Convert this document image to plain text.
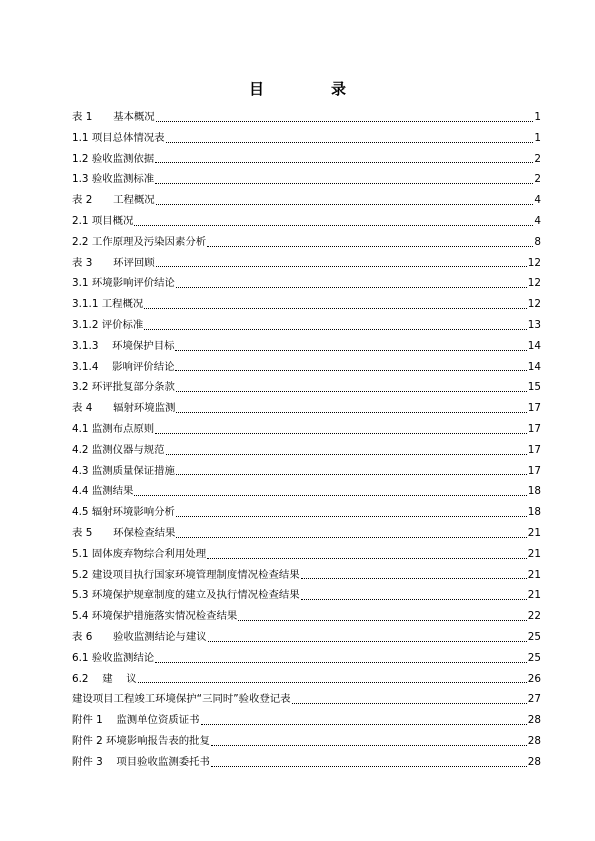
目　录
表 1　　基本概况	1
1.1 项目总体情况表	1
1.2 验收监测依据	2
1.3 验收监测标准	2
表 2　　工程概况	4
2.1 项目概况	4
2.2 工作原理及污染因素分析	8
表 3　　环评回顾	12
3.1 环境影响评价结论	12
3.1.1 工程概况	12
3.1.2 评价标准	13
3.1.3　 环境保护目标	14
3.1.4　 影响评价结论	14
3.2 环评批复部分条款	15
表 4　　辐射环境监测	17
4.1 监测布点原则	17
4.2 监测仪器与规范	17
4.3 监测质量保证措施	17
4.4 监测结果	18
4.5 辐射环境影响分析	18
表 5　　环保检查结果	21
5.1 固体废弃物综合利用处理	21
5.2 建设项目执行国家环境管理制度情况检查结果	21
5.3 环境保护规章制度的建立及执行情况检查结果	21
5.4 环境保护措施落实情况检查结果	22
表 6　　验收监测结论与建议	25
6.1 验收监测结论	25
6.2　 建　 议	26
建设项目工程竣工环境保护“三同时”验收登记表	27
附件 1　 监测单位资质证书	28
附件 2 环境影响报告表的批复	28
附件 3　 项目验收监测委托书	28
